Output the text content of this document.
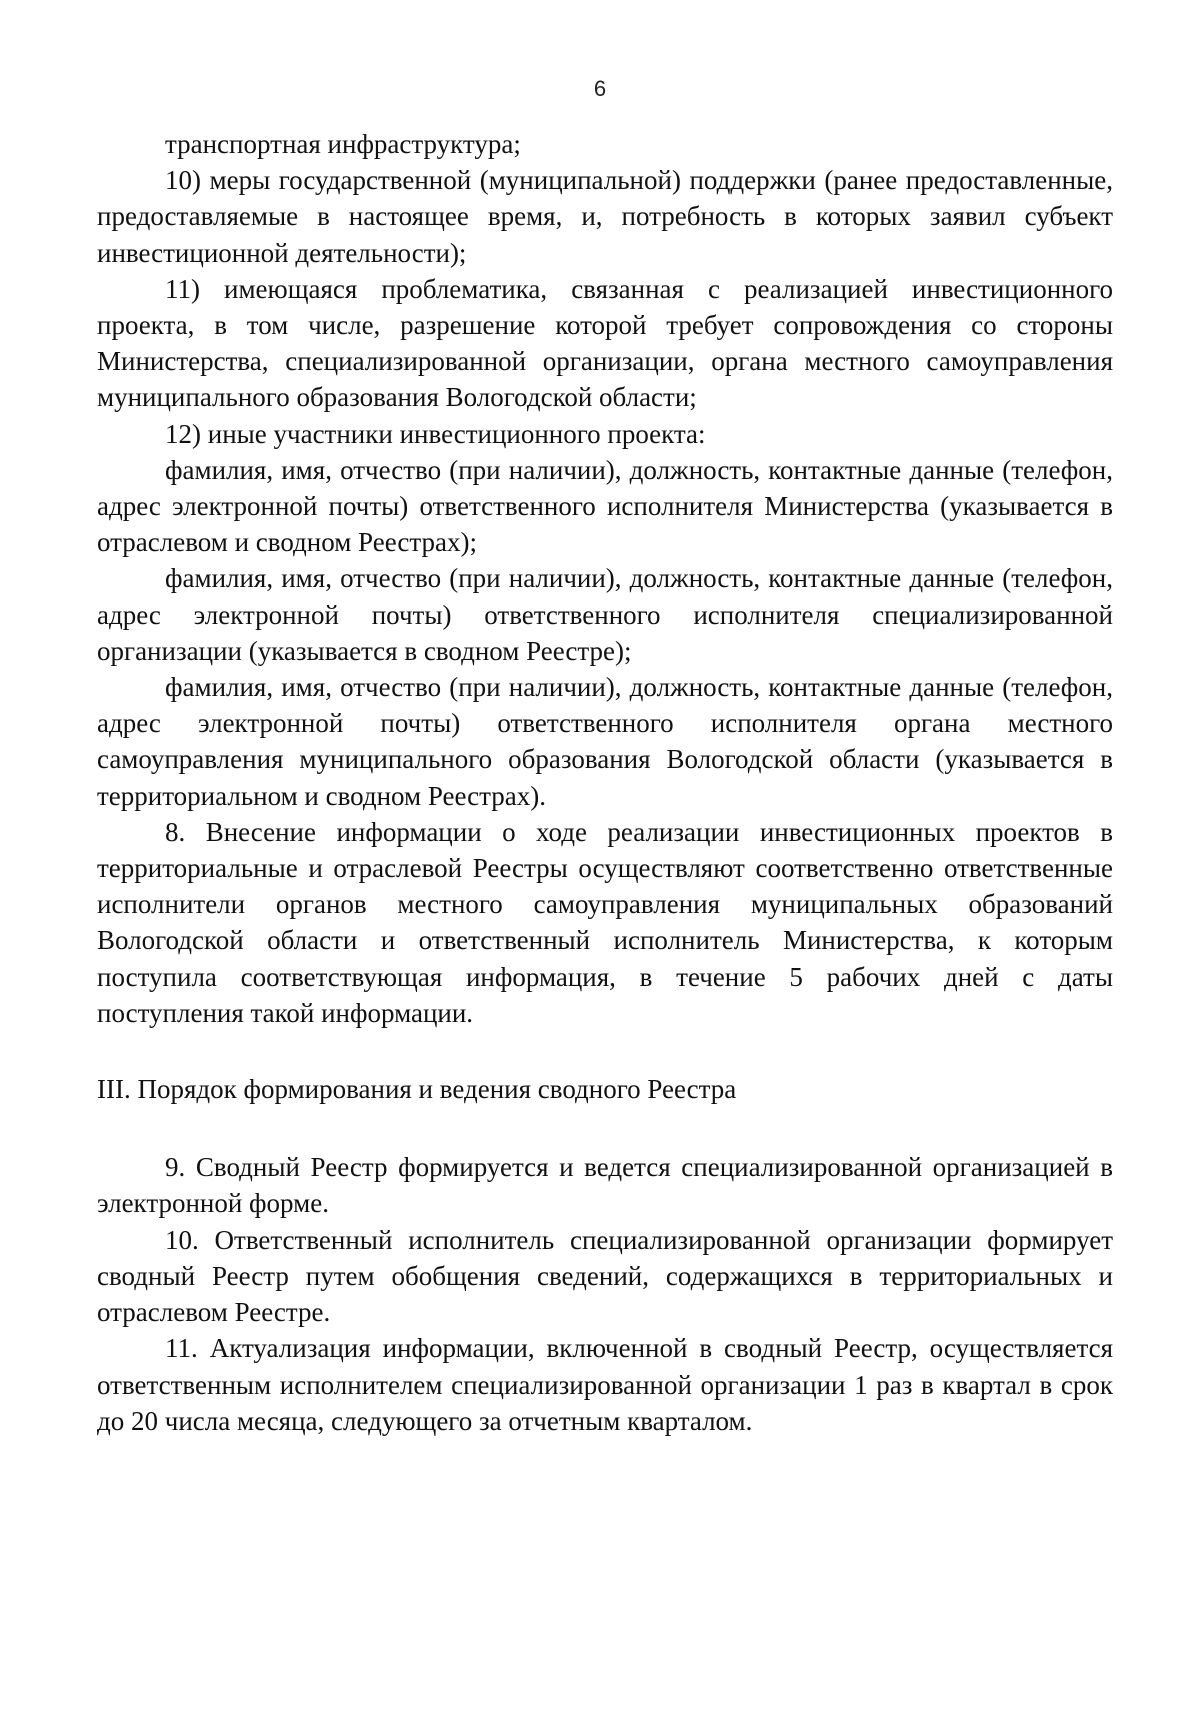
6

транспортная инфраструктура;

10) меры государственной (муниципальной) поддержки (ранее предоставленные, предоставляемые в настоящее время, и, потребность в которых заявил субъект инвестиционной деятельности);

11) имеющаяся проблематика, связанная с реализацией инвестиционного проекта, в том числе, разрешение которой требует сопровождения со стороны Министерства, специализированной организации, органа местного самоуправления муниципального образования Вологодской области;

12) иные участники инвестиционного проекта:

фамилия, имя, отчество (при наличии), должность, контактные данные (телефон, адрес электронной почты) ответственного исполнителя Министерства (указывается в отраслевом и сводном Реестрах);

фамилия, имя, отчество (при наличии), должность, контактные данные (телефон, адрес электронной почты) ответственного исполнителя специализированной организации (указывается в сводном Реестре);

фамилия, имя, отчество (при наличии), должность, контактные данные (телефон, адрес электронной почты) ответственного исполнителя органа местного самоуправления муниципального образования Вологодской области (указывается в территориальном и сводном Реестрах).

8. Внесение информации о ходе реализации инвестиционных проектов в территориальные и отраслевой Реестры осуществляют соответственно ответственные исполнители органов местного самоуправления муниципальных образований Вологодской области и ответственный исполнитель Министерства, к которым поступила соответствующая информация, в течение 5 рабочих дней с даты поступления такой информации.

III. Порядок формирования и ведения сводного Реестра

9. Сводный Реестр формируется и ведется специализированной организацией в электронной форме.

10. Ответственный исполнитель специализированной организации формирует сводный Реестр путем обобщения сведений, содержащихся в территориальных и отраслевом Реестре.

11. Актуализация информации, включенной в сводный Реестр, осуществляется ответственным исполнителем специализированной организации 1 раз в квартал в срок до 20 числа месяца, следующего за отчетным кварталом.
